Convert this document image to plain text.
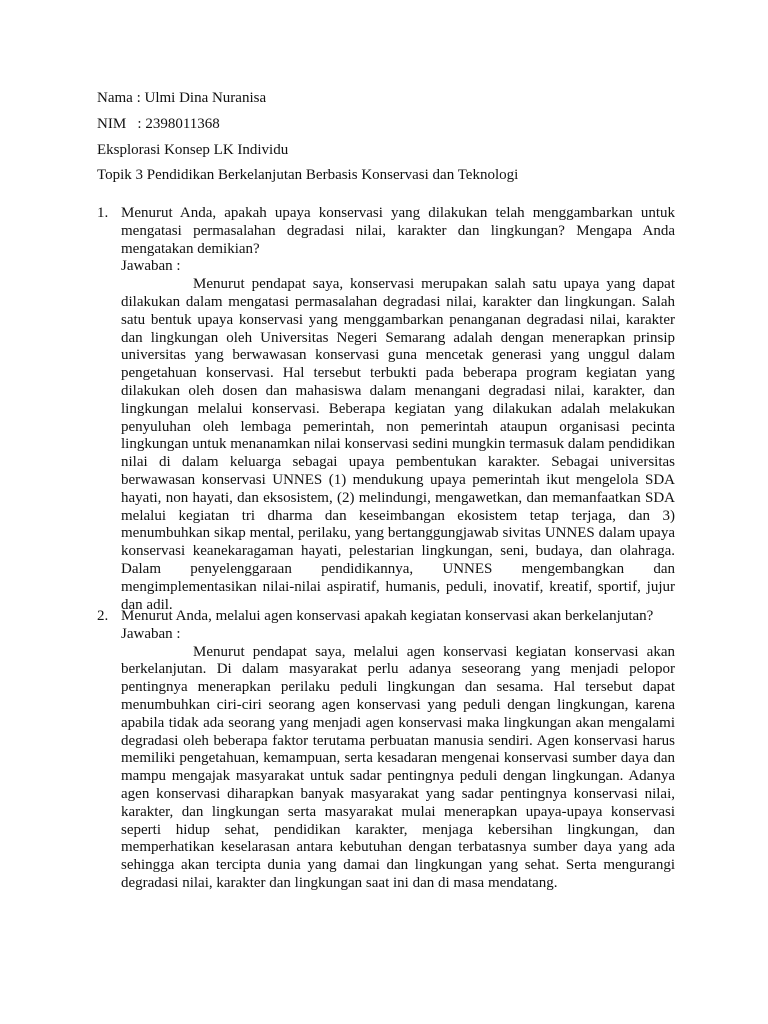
Nama : Ulmi Dina Nuranisa
NIM   : 2398011368
Eksplorasi Konsep LK Individu
Topik 3 Pendidikan Berkelanjutan Berbasis Konservasi dan Teknologi
1. Menurut Anda, apakah upaya konservasi yang dilakukan telah menggambarkan untuk mengatasi permasalahan degradasi nilai, karakter dan lingkungan? Mengapa Anda mengatakan demikian?
Jawaban :

Menurut pendapat saya, konservasi merupakan salah satu upaya yang dapat dilakukan dalam mengatasi permasalahan degradasi nilai, karakter dan lingkungan. Salah satu bentuk upaya konservasi yang menggambarkan penanganan degradasi nilai, karakter dan lingkungan oleh Universitas Negeri Semarang adalah dengan menerapkan prinsip universitas yang berwawasan konservasi guna mencetak generasi yang unggul dalam pengetahuan konservasi. Hal tersebut terbukti pada beberapa program kegiatan yang dilakukan oleh dosen dan mahasiswa dalam menangani degradasi nilai, karakter, dan lingkungan melalui konservasi. Beberapa kegiatan yang dilakukan adalah melakukan penyuluhan oleh lembaga pemerintah, non pemerintah ataupun organisasi pecinta lingkungan untuk menanamkan nilai konservasi sedini mungkin termasuk dalam pendidikan nilai di dalam keluarga sebagai upaya pembentukan karakter. Sebagai universitas berwawasan konservasi UNNES (1) mendukung upaya pemerintah ikut mengelola SDA hayati, non hayati, dan eksosistem, (2) melindungi, mengawetkan, dan memanfaatkan SDA melalui kegiatan tri dharma dan keseimbangan ekosistem tetap terjaga, dan 3) menumbuhkan sikap mental, perilaku, yang bertanggungjawab sivitas UNNES dalam upaya konservasi keanekaragaman hayati, pelestarian lingkungan, seni, budaya, dan olahraga. Dalam penyelenggaraan pendidikannya, UNNES mengembangkan dan mengimplementasikan nilai-nilai aspiratif, humanis, peduli, inovatif, kreatif, sportif, jujur dan adil.

2. Menurut Anda, melalui agen konservasi apakah kegiatan konservasi akan berkelanjutan?
Jawaban :

Menurut pendapat saya, melalui agen konservasi kegiatan konservasi akan berkelanjutan. Di dalam masyarakat perlu adanya seseorang yang menjadi pelopor pentingnya menerapkan perilaku peduli lingkungan dan sesama. Hal tersebut dapat menumbuhkan ciri-ciri seorang agen konservasi yang peduli dengan lingkungan, karena apabila tidak ada seorang yang menjadi agen konservasi maka lingkungan akan mengalami degradasi oleh beberapa faktor terutama perbuatan manusia sendiri. Agen konservasi harus memiliki pengetahuan, kemampuan, serta kesadaran mengenai konservasi sumber daya dan mampu mengajak masyarakat untuk sadar pentingnya peduli dengan lingkungan. Adanya agen konservasi diharapkan banyak masyarakat yang sadar pentingnya konservasi nilai, karakter, dan lingkungan serta masyarakat mulai menerapkan upaya-upaya konservasi seperti hidup sehat, pendidikan karakter, menjaga kebersihan lingkungan, dan memperhatikan keselarasan antara kebutuhan dengan terbatasnya sumber daya yang ada sehingga akan tercipta dunia yang damai dan lingkungan yang sehat. Serta mengurangi degradasi nilai, karakter dan lingkungan saat ini dan di masa mendatang.
